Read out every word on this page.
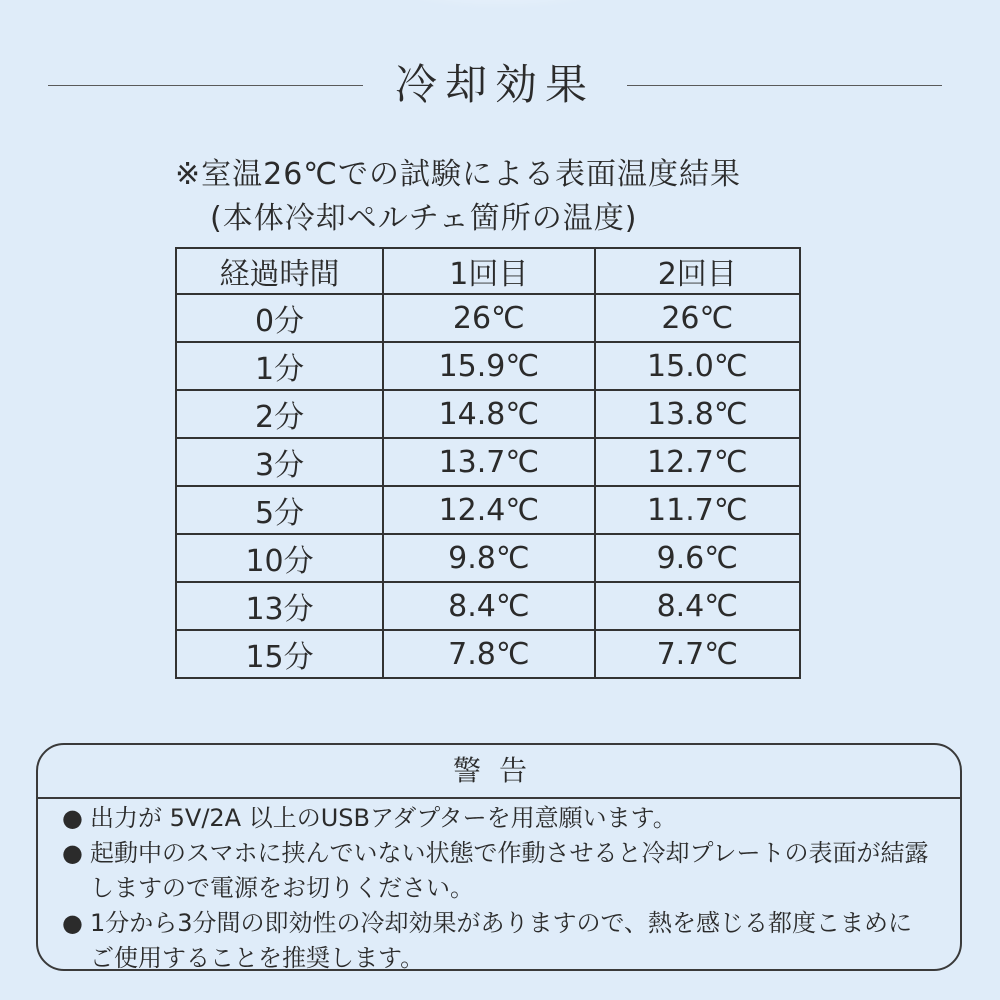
冷却効果
※室温26℃での試験による表面温度結果
(本体冷却ペルチェ箇所の温度)
経過時間	1回目	2回目
0分	26℃	26℃
1分	15.9℃	15.0℃
2分	14.8℃	13.8℃
3分	13.7℃	12.7℃
5分	12.4℃	11.7℃
10分	9.8℃	9.6℃
13分	8.4℃	8.4℃
15分	7.8℃	7.7℃
警告
● 出力が 5V/2A 以上のUSBアダプターを用意願います。
● 起動中のスマホに挟んでいない状態で作動させると冷却プレートの表面が結露しますので電源をお切りください。
● 1分から3分間の即効性の冷却効果がありますので、熱を感じる都度こまめにご使用することを推奨します。
